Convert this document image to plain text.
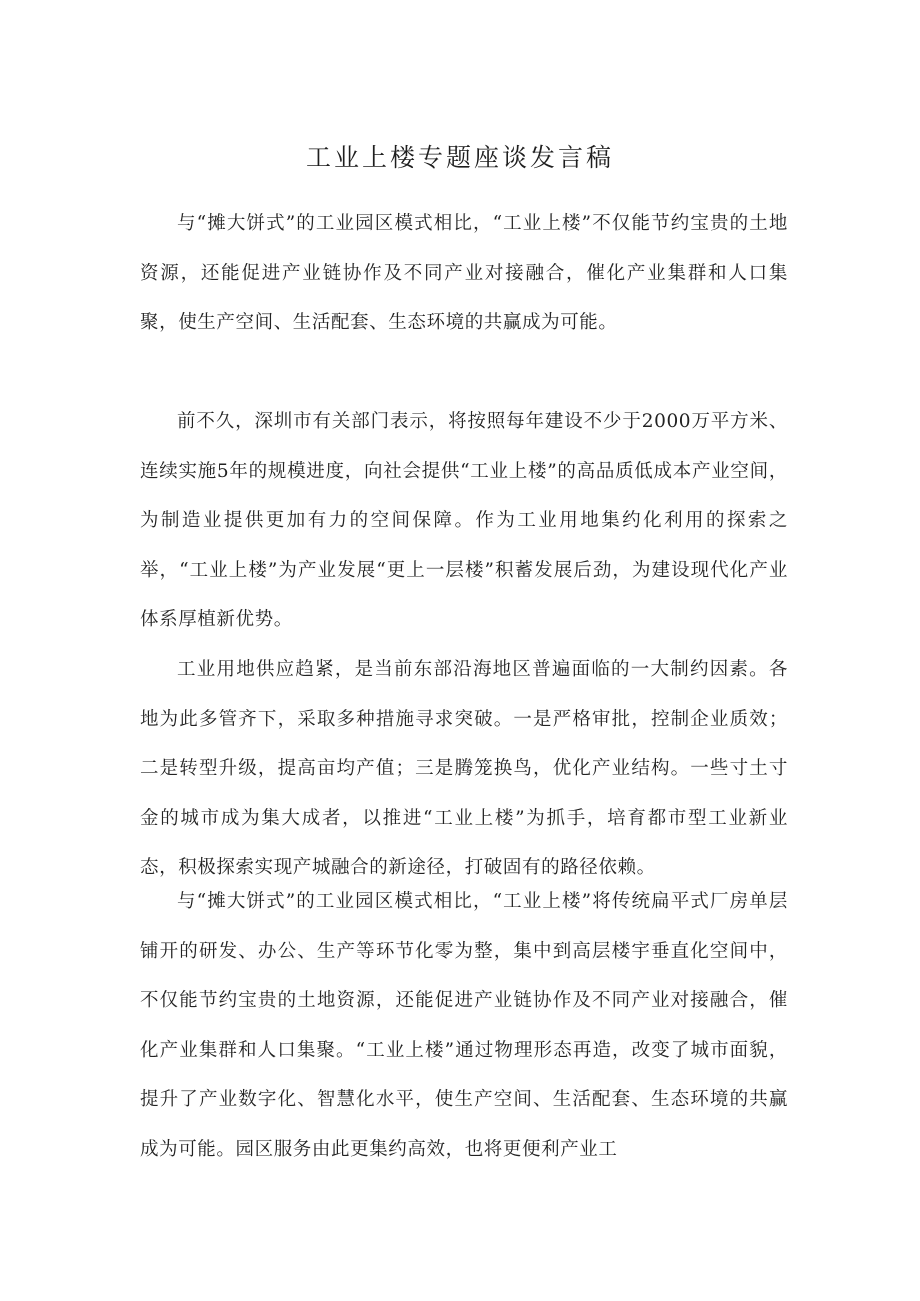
工业上楼专题座谈发言稿

与“摊大饼式”的工业园区模式相比，“工业上楼”不仅能节约宝贵的土地资源，还能促进产业链协作及不同产业对接融合，催化产业集群和人口集聚，使生产空间、生活配套、生态环境的共赢成为可能。

前不久，深圳市有关部门表示，将按照每年建设不少于2000万平方米、连续实施5年的规模进度，向社会提供“工业上楼”的高品质低成本产业空间，为制造业提供更加有力的空间保障。作为工业用地集约化利用的探索之举，“工业上楼”为产业发展“更上一层楼”积蓄发展后劲，为建设现代化产业体系厚植新优势。

工业用地供应趋紧，是当前东部沿海地区普遍面临的一大制约因素。各地为此多管齐下，采取多种措施寻求突破。一是严格审批，控制企业质效；二是转型升级，提高亩均产值；三是腾笼换鸟，优化产业结构。一些寸土寸金的城市成为集大成者，以推进“工业上楼”为抓手，培育都市型工业新业态，积极探索实现产城融合的新途径，打破固有的路径依赖。

与“摊大饼式”的工业园区模式相比，“工业上楼”将传统扁平式厂房单层铺开的研发、办公、生产等环节化零为整，集中到高层楼宇垂直化空间中，不仅能节约宝贵的土地资源，还能促进产业链协作及不同产业对接融合，催化产业集群和人口集聚。“工业上楼”通过物理形态再造，改变了城市面貌，提升了产业数字化、智慧化水平，使生产空间、生活配套、生态环境的共赢成为可能。园区服务由此更集约高效，也将更便利产业工
